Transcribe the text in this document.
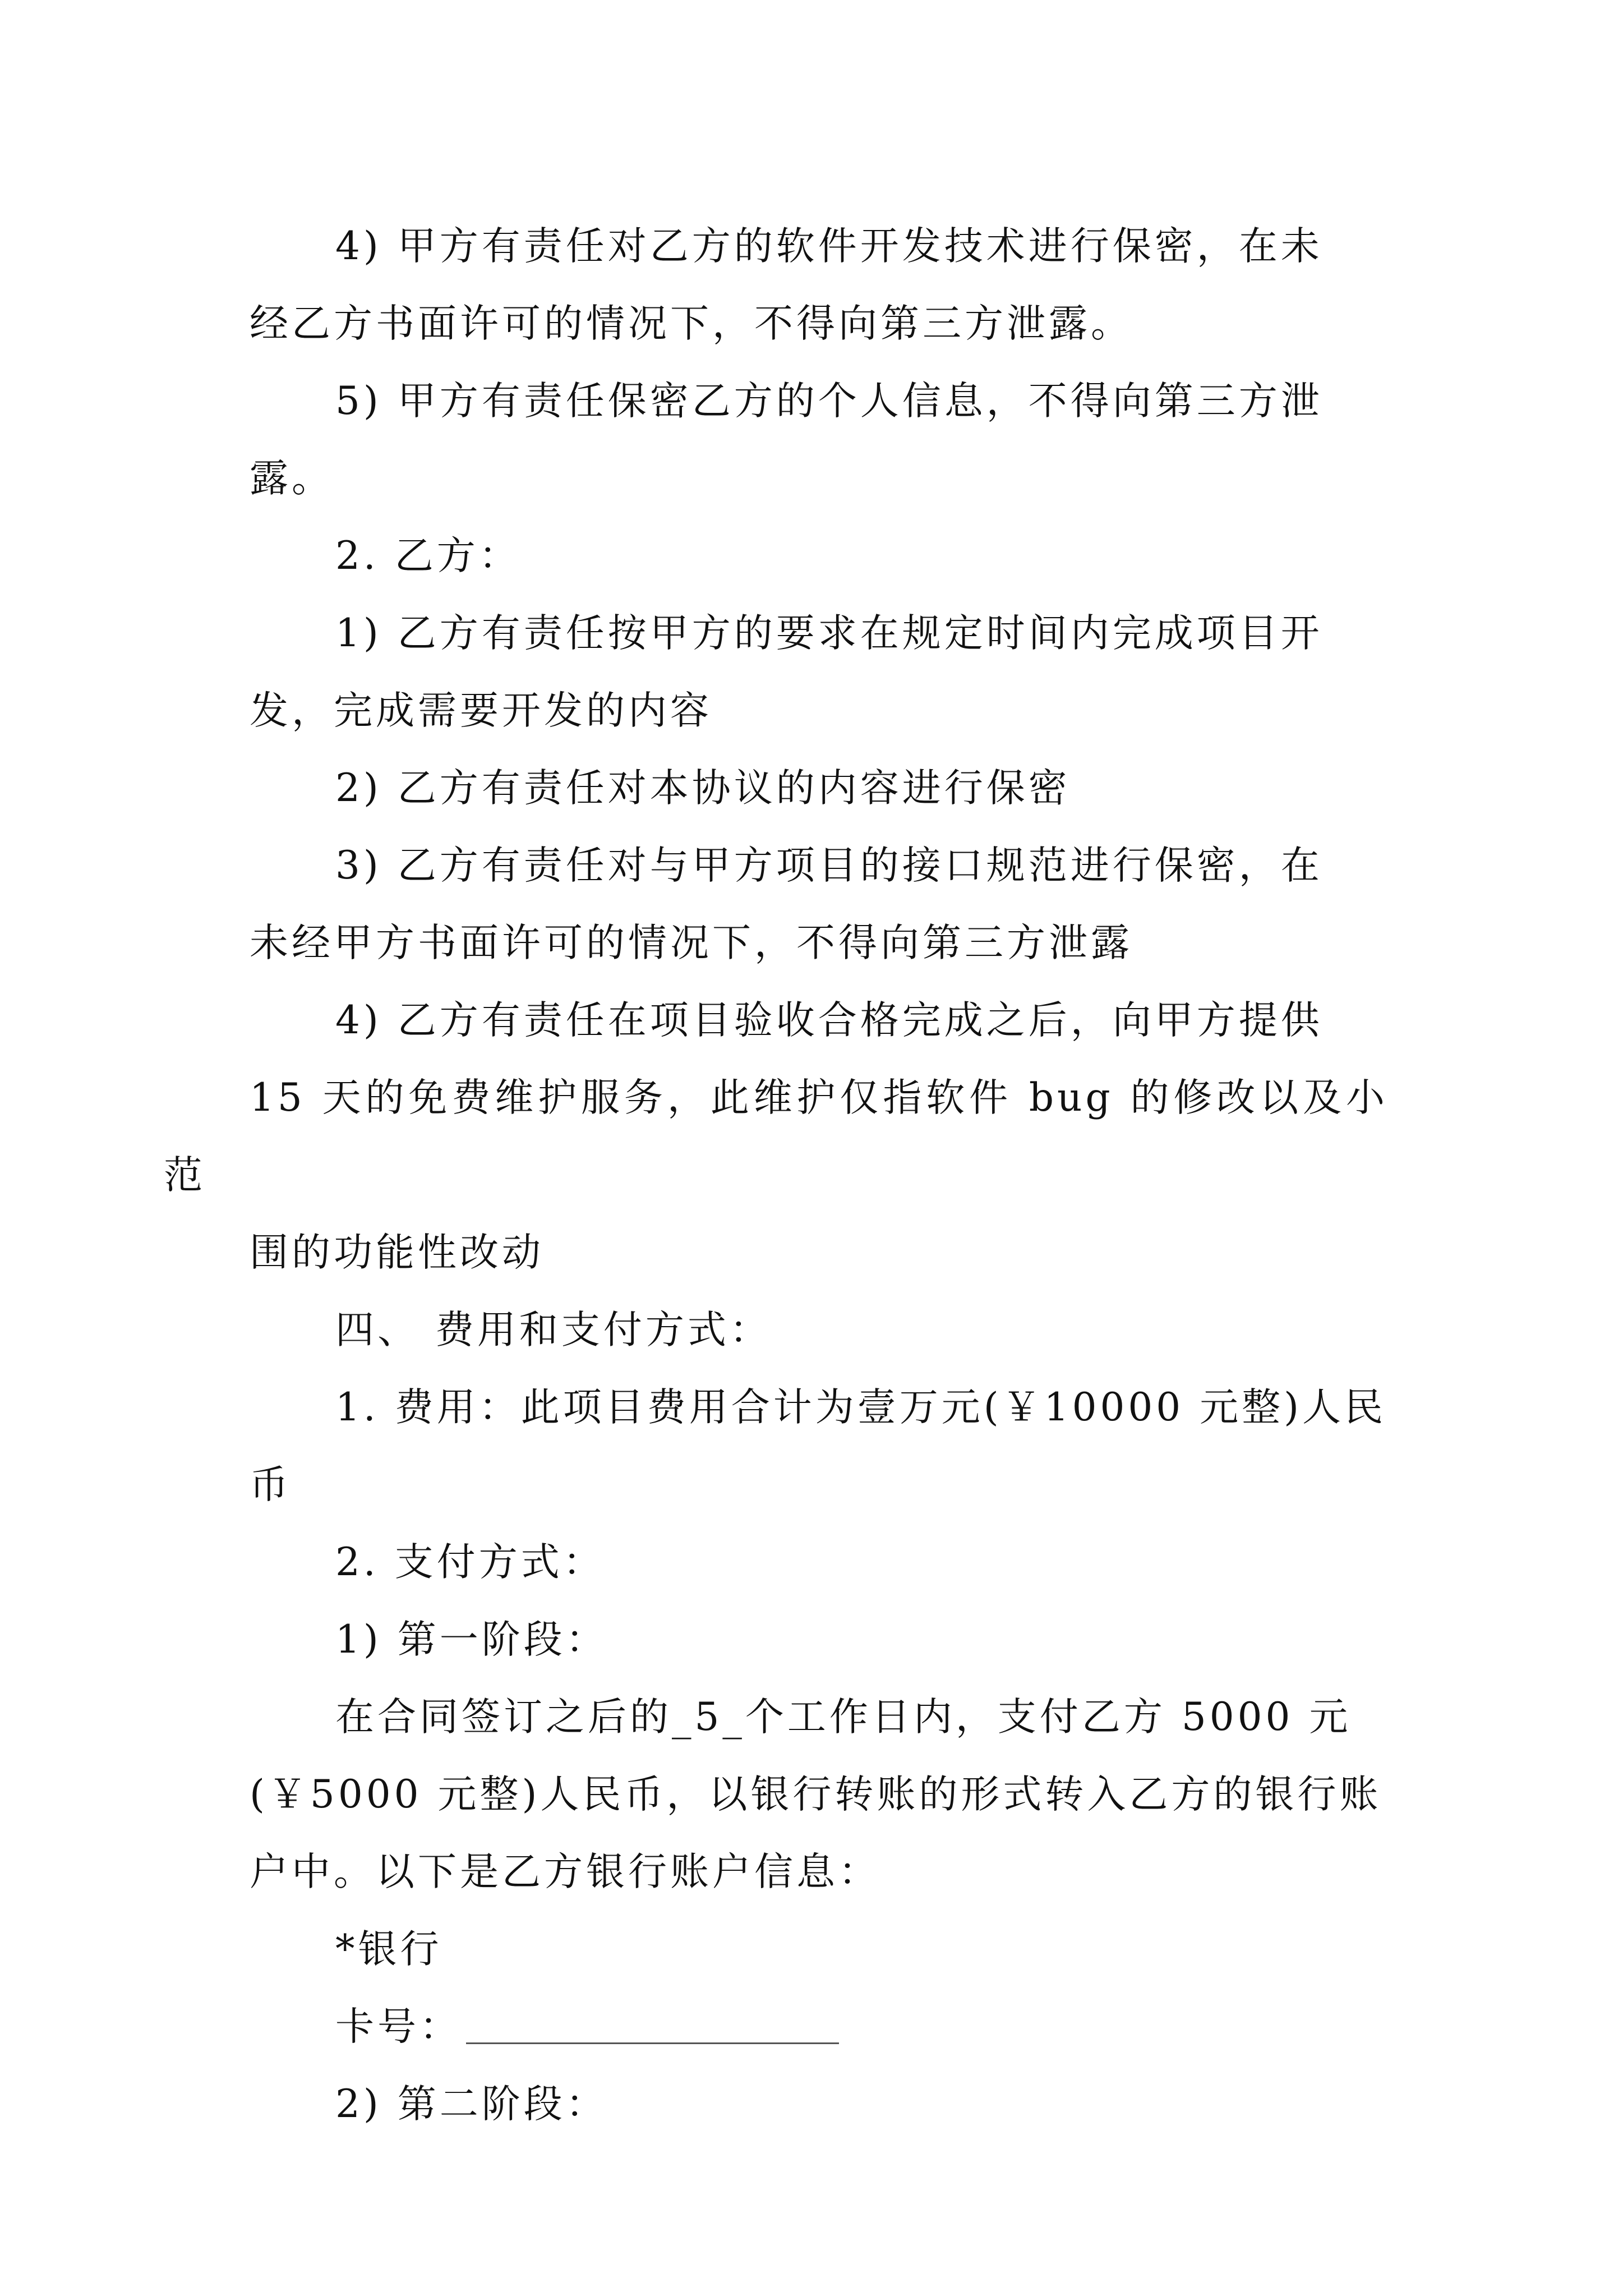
4) 甲方有责任对乙方的软件开发技术进行保密，在未
经乙方书面许可的情况下，不得向第三方泄露。

5) 甲方有责任保密乙方的个人信息，不得向第三方泄
露。

2. 乙方：

1) 乙方有责任按甲方的要求在规定时间内完成项目开
发，完成需要开发的内容

2) 乙方有责任对本协议的内容进行保密

3) 乙方有责任对与甲方项目的接口规范进行保密，在
未经甲方书面许可的情况下，不得向第三方泄露

4) 乙方有责任在项目验收合格完成之后，向甲方提供
15 天的免费维护服务，此维护仅指软件 bug 的修改以及小范
围的功能性改动

四、 费用和支付方式：

1. 费用：此项目费用合计为壹万元(￥10000 元整)人民
币

2. 支付方式：

1) 第一阶段：

在合同签订之后的_5_个工作日内，支付乙方 5000 元
(￥5000 元整)人民币，以银行转账的形式转入乙方的银行账
户中。以下是乙方银行账户信息：

*银行

卡号：

2) 第二阶段：
